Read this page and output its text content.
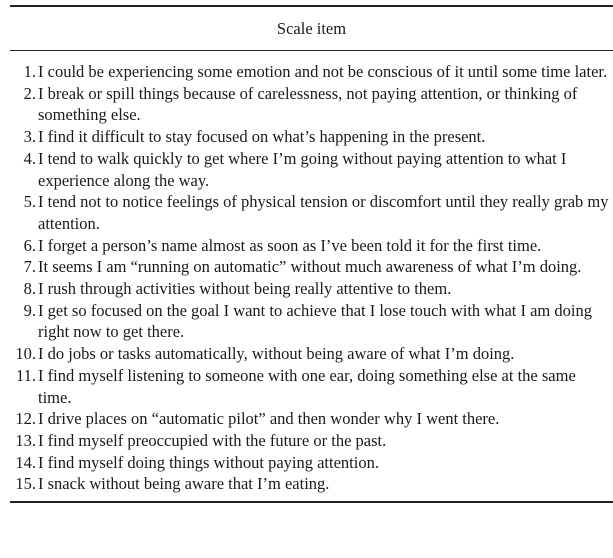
Scale item
1. I could be experiencing some emotion and not be conscious of it until some time later.
2. I break or spill things because of carelessness, not paying attention, or thinking of something else.
3. I find it difficult to stay focused on what’s happening in the present.
4. I tend to walk quickly to get where I’m going without paying attention to what I experience along the way.
5. I tend not to notice feelings of physical tension or discomfort until they really grab my attention.
6. I forget a person’s name almost as soon as I’ve been told it for the first time.
7. It seems I am “running on automatic” without much awareness of what I’m doing.
8. I rush through activities without being really attentive to them.
9. I get so focused on the goal I want to achieve that I lose touch with what I am doing right now to get there.
10. I do jobs or tasks automatically, without being aware of what I’m doing.
11. I find myself listening to someone with one ear, doing something else at the same time.
12. I drive places on “automatic pilot” and then wonder why I went there.
13. I find myself preoccupied with the future or the past.
14. I find myself doing things without paying attention.
15. I snack without being aware that I’m eating.
